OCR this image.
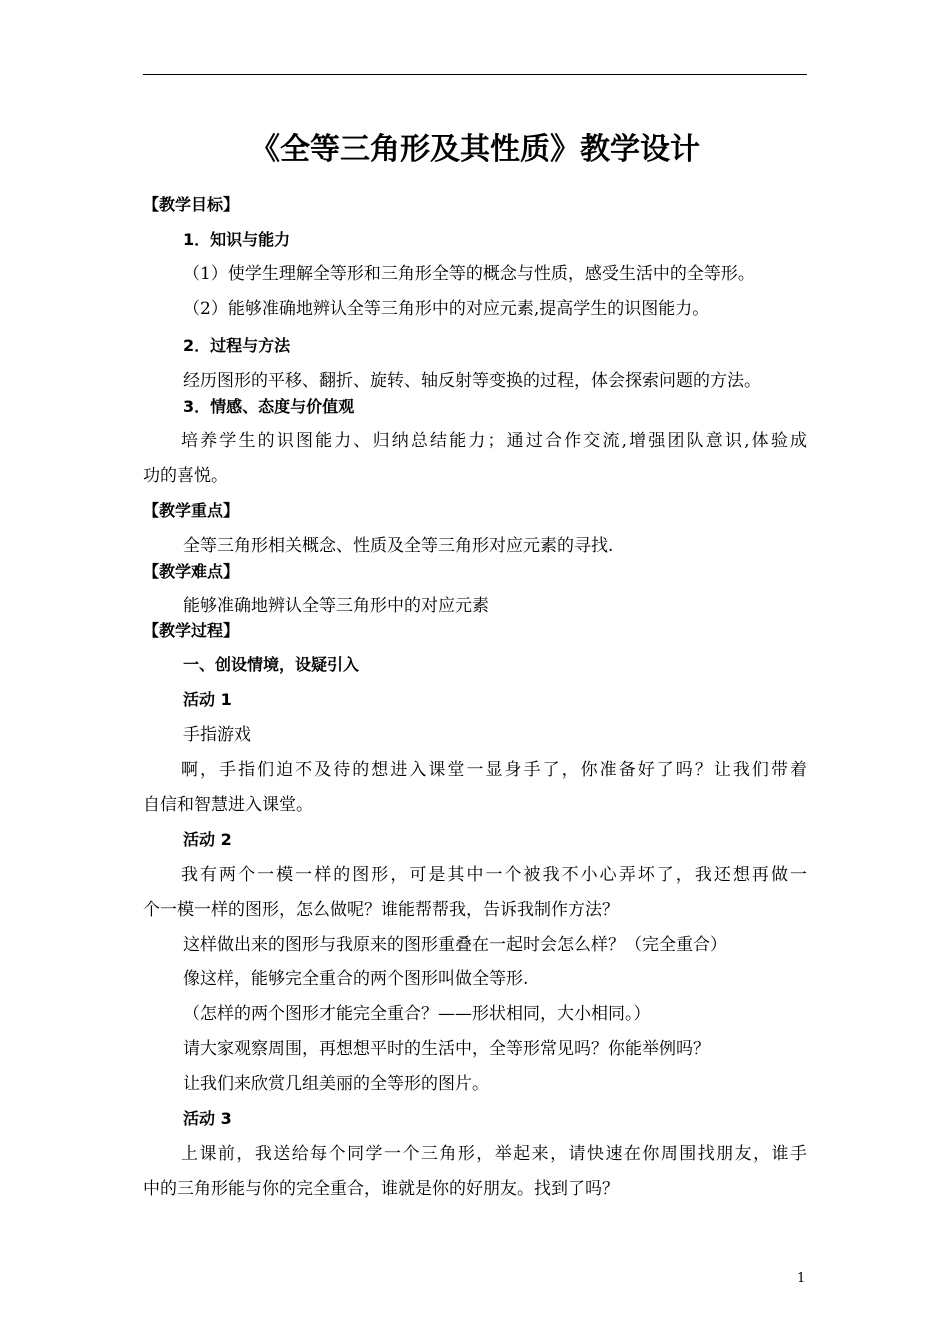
《全等三角形及其性质》教学设计
【教学目标】
1．知识与能力
（1）使学生理解全等形和三角形全等的概念与性质，感受生活中的全等形。
（2）能够准确地辨认全等三角形中的对应元素,提高学生的识图能力。
2．过程与方法
经历图形的平移、翻折、旋转、轴反射等变换的过程，体会探索问题的方法。
3．情感、态度与价值观
培养学生的识图能力、归纳总结能力；通过合作交流,增强团队意识,体验成
功的喜悦。
【教学重点】
全等三角形相关概念、性质及全等三角形对应元素的寻找.
【教学难点】
能够准确地辨认全等三角形中的对应元素
【教学过程】
一、创设情境，设疑引入
活动 1
手指游戏
啊，手指们迫不及待的想进入课堂一显身手了，你准备好了吗？让我们带着
自信和智慧进入课堂。
活动 2
我有两个一模一样的图形，可是其中一个被我不小心弄坏了，我还想再做一
个一模一样的图形，怎么做呢？谁能帮帮我，告诉我制作方法？
这样做出来的图形与我原来的图形重叠在一起时会怎么样？（完全重合）
像这样，能够完全重合的两个图形叫做全等形.
（怎样的两个图形才能完全重合？——形状相同，大小相同。）
请大家观察周围，再想想平时的生活中，全等形常见吗？你能举例吗？
让我们来欣赏几组美丽的全等形的图片。
活动 3
上课前，我送给每个同学一个三角形，举起来，请快速在你周围找朋友，谁手
中的三角形能与你的完全重合，谁就是你的好朋友。找到了吗？
1
